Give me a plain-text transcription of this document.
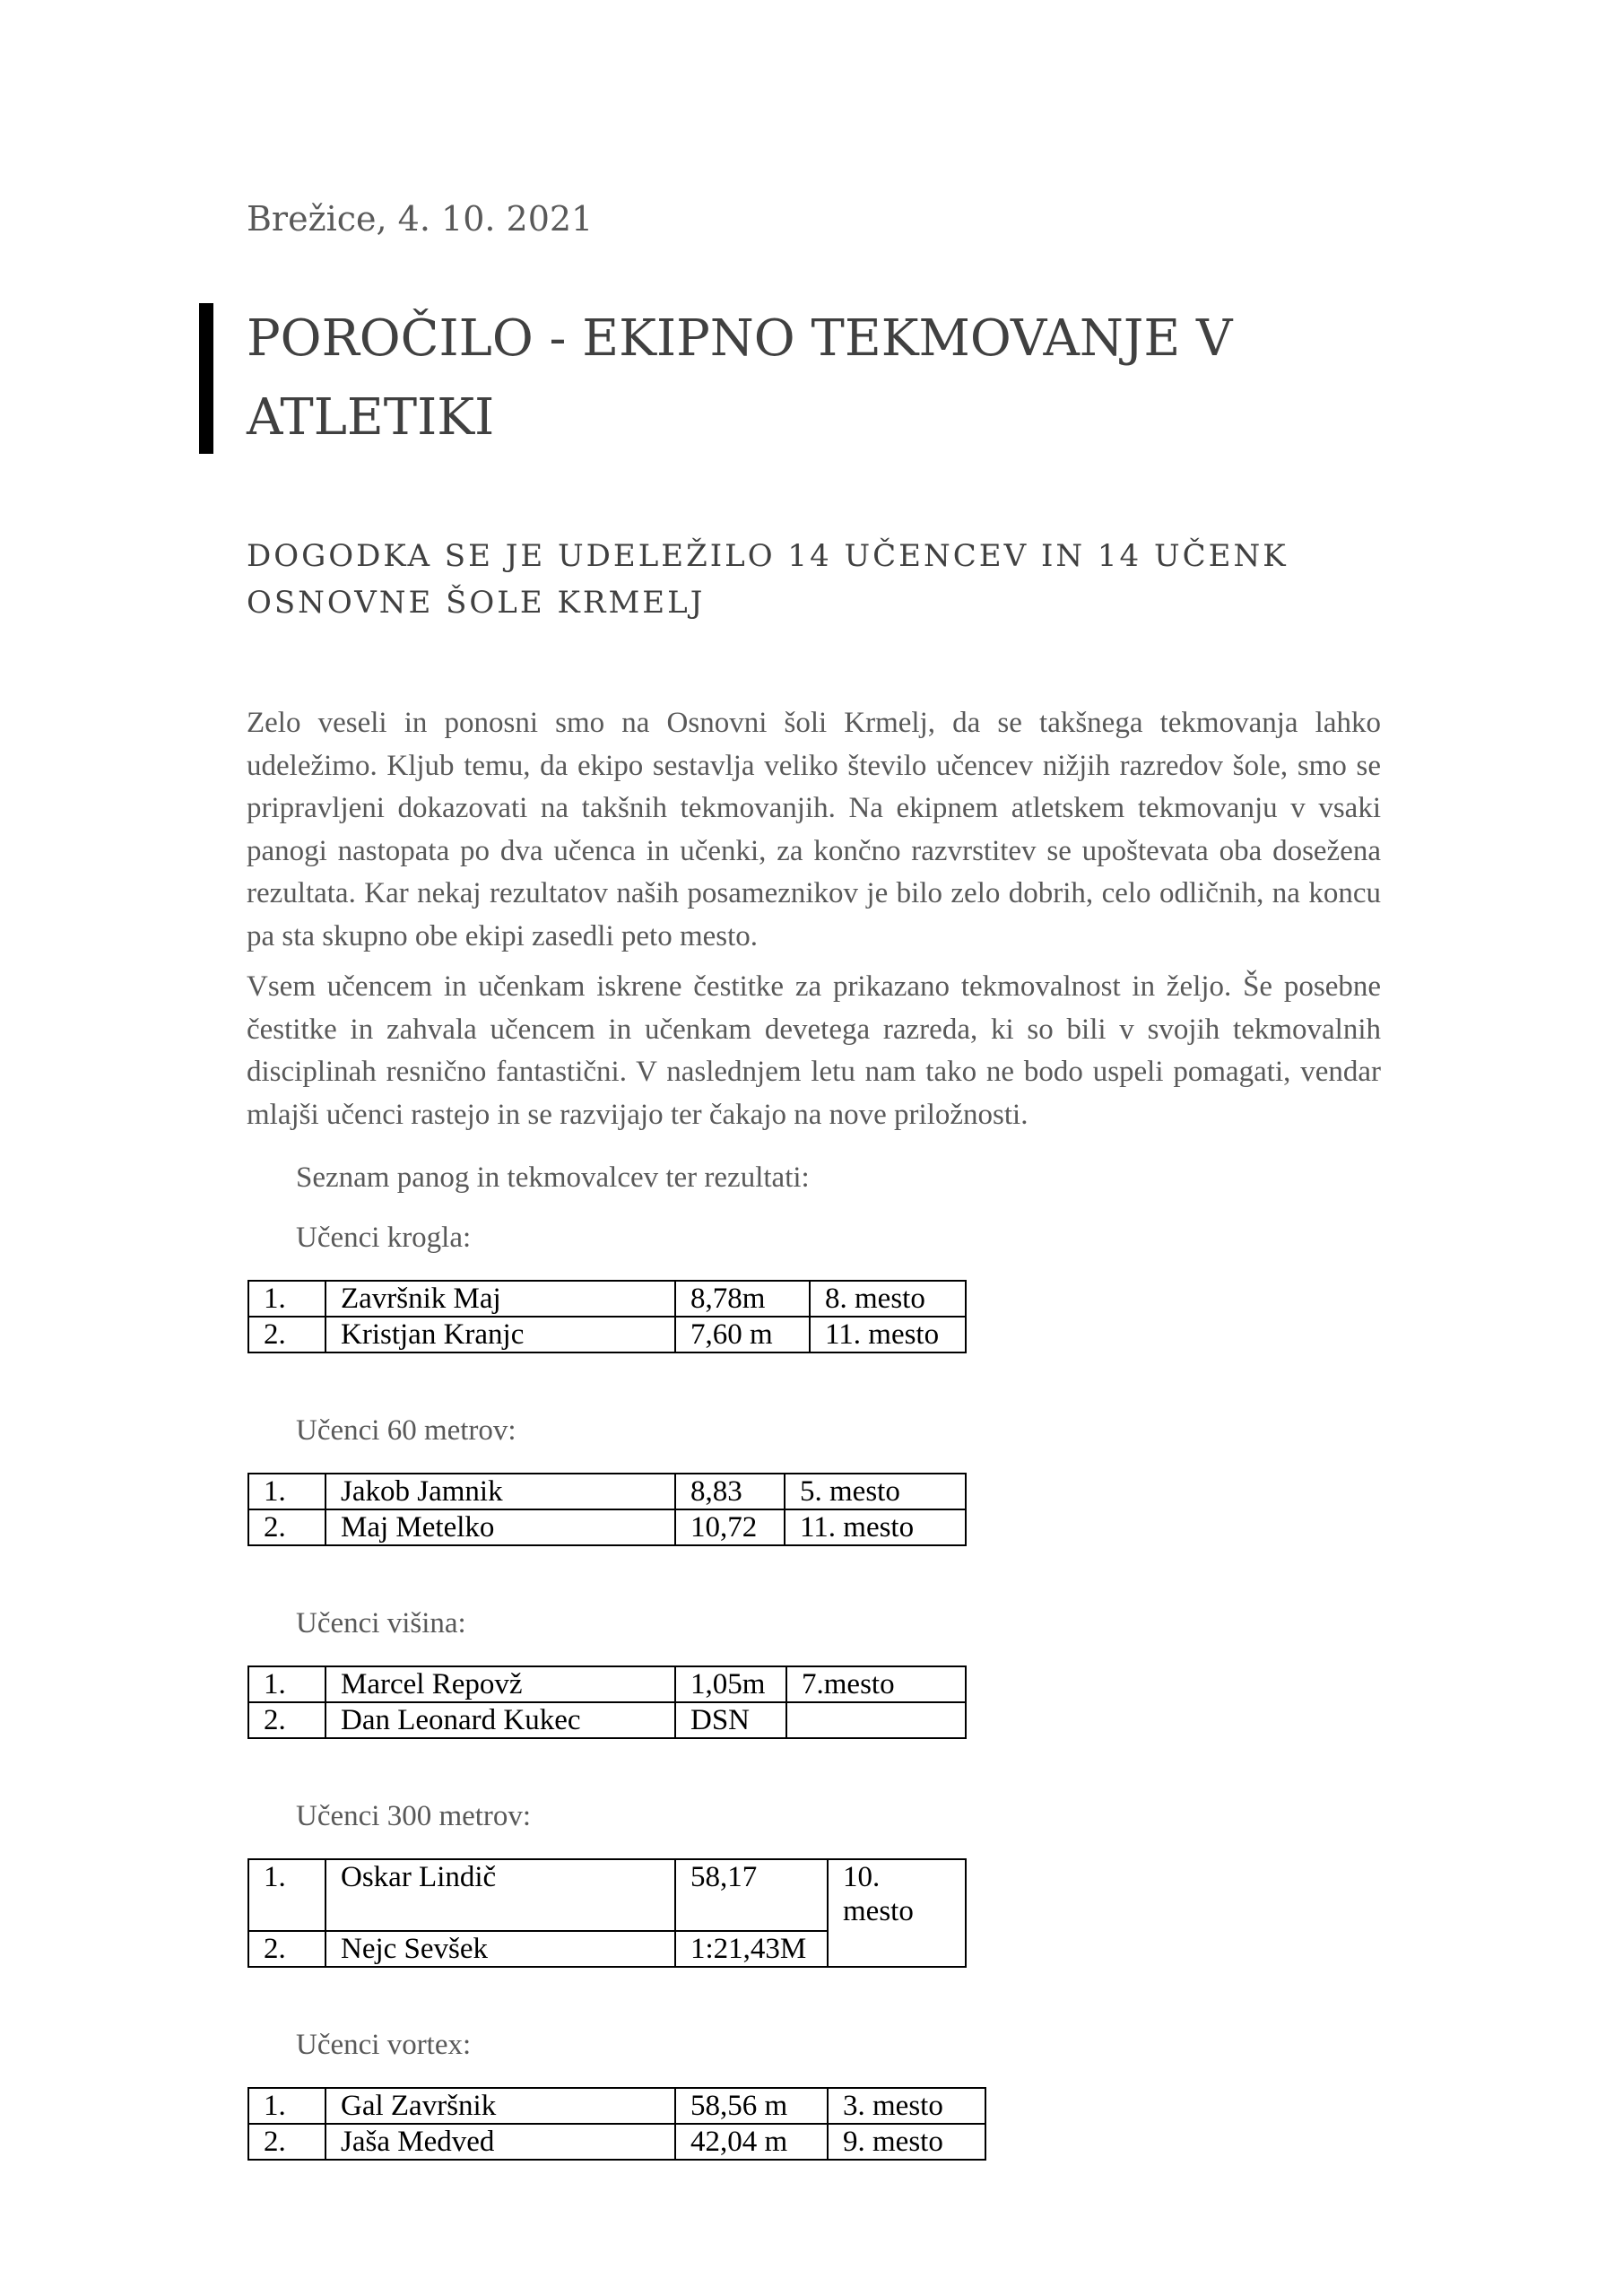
Brežice, 4. 10. 2021
POROČILO - EKIPNO TEKMOVANJE V ATLETIKI
DOGODKA SE JE UDELEŽILO 14 UČENCEV IN 14 UČENK OSNOVNE ŠOLE KRMELJ

Zelo veseli in ponosni smo na Osnovni šoli Krmelj, da se takšnega tekmovanja lahko udeležimo. Kljub temu, da ekipo sestavlja veliko število učencev nižjih razredov šole, smo se pripravljeni dokazovati na takšnih tekmovanjih. Na ekipnem atletskem tekmovanju v vsaki panogi nastopata po dva učenca in učenki, za končno razvrstitev se upoštevata oba dosežena rezultata. Kar nekaj rezultatov naših posameznikov je bilo zelo dobrih, celo odličnih, na koncu pa sta skupno obe ekipi zasedli peto mesto.

Vsem učencem in učenkam iskrene čestitke za prikazano tekmovalnost in željo. Še posebne čestitke in zahvala učencem in učenkam devetega razreda, ki so bili v svojih tekmovalnih disciplinah resnično fantastični. V naslednjem letu nam tako ne bodo uspeli pomagati, vendar mlajši učenci rastejo in se razvijajo ter čakajo na nove priložnosti.

Seznam panog in tekmovalcev ter rezultati:
Učenci krogla:
1.	Završnik Maj	8,78m	8. mesto
2.	Kristjan Kranjc	7,60 m	11. mesto
Učenci 60 metrov:
1.	Jakob Jamnik	8,83	5. mesto
2.	Maj Metelko	10,72	11. mesto
Učenci višina:
1.	Marcel Repovž	1,05m	7.mesto
2.	Dan Leonard Kukec	DSN	
Učenci 300 metrov:
1.	Oskar Lindič	58,17	10. mesto
2.	Nejc Sevšek	1:21,43M	
Učenci vortex:
1.	Gal Završnik	58,56 m	3. mesto
2.	Jaša Medved	42,04 m	9. mesto
